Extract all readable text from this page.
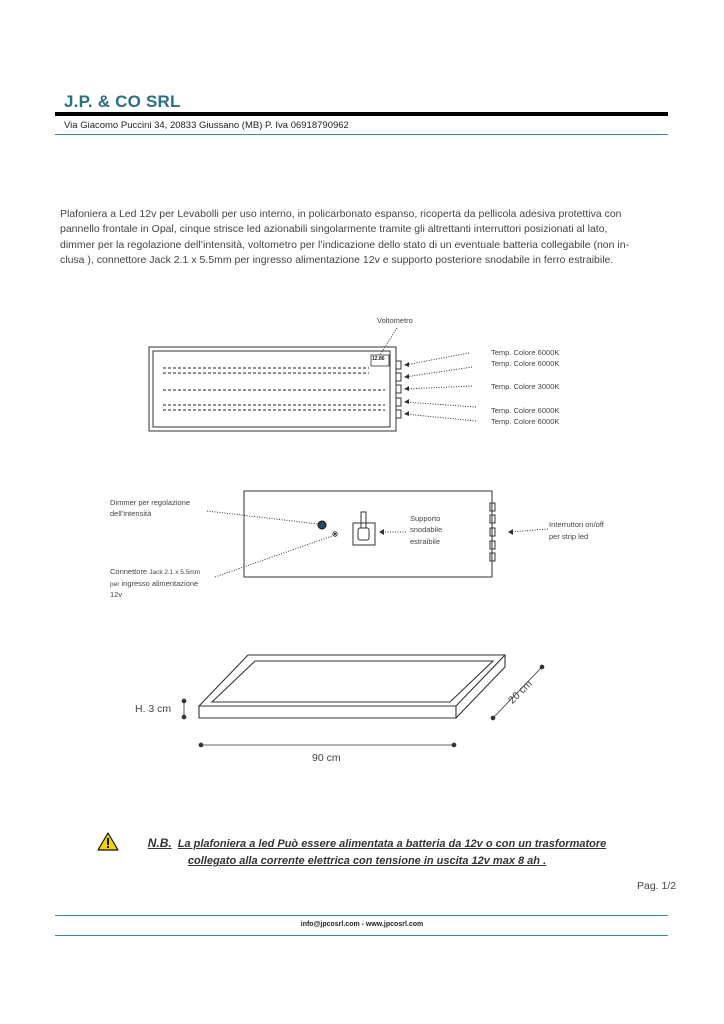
J.P. & CO SRL
Via Giacomo Puccini 34, 20833 Giussano (MB) P. Iva 06918790962
Plafoniera a Led 12v per Levabolli per uso interno, in policarbonato espanso, ricoperta da pellicola adesiva protettiva con
pannello frontale in Opal, cinque strisce led azionabili singolarmente tramite gli altrettanti interruttori posizionati al lato,
dimmer per la regolazione dell’intensità, voltometro per l’indicazione dello stato di un eventuale batteria collegabile (non in-
clusa ), connettore Jack 2.1 x 5.5mm per ingresso alimentazione 12v e supporto posteriore snodabile in ferro estraibile.
Voltometro
12.86
Temp. Colore 6000K
Temp. Colore 6000K
Temp. Colore 3000K
Temp. Colore 6000K
Temp. Colore 6000K
Dimmer per regolazione
dell’intensità
Supporto
snodabile
estraibile
Interruttori on/off
per strip led
Connettore Jack 2.1 x 5.5mm
per ingresso alimentazione
12v
H. 3 cm
90 cm
20 cm
N.B. La plafoniera a led Può essere alimentata a batteria da 12v o con un trasformatore
collegato alla corrente elettrica con tensione in uscita 12v max 8 ah .
Pag. 1/2
info@jpcosrl.com - www.jpcosrl.com
